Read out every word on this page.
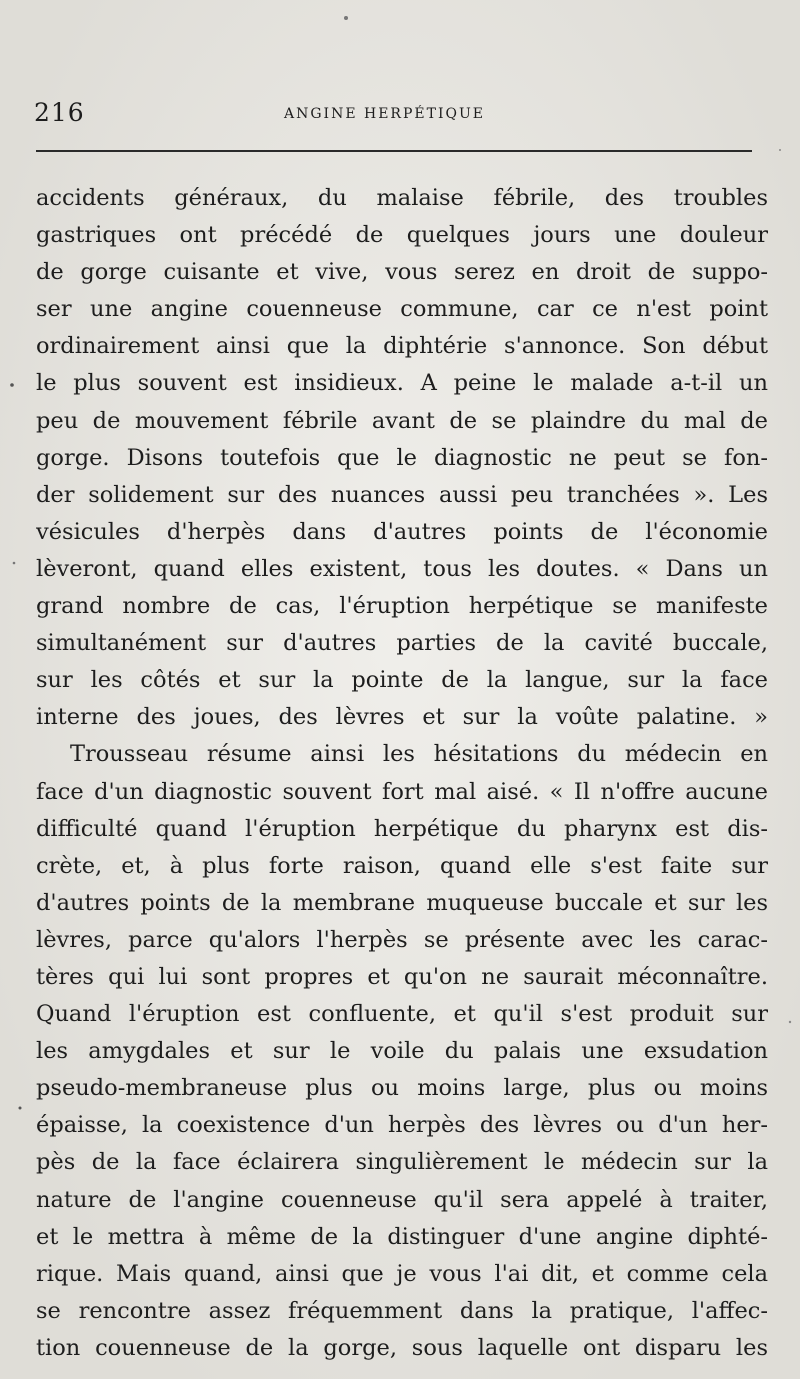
216	ANGINE HERPÉTIQUE
accidents généraux, du malaise fébrile, des troubles
gastriques ont précédé de quelques jours une douleur
de gorge cuisante et vive, vous serez en droit de suppo-
ser une angine couenneuse commune, car ce n'est point
ordinairement ainsi que la diphtérie s'annonce. Son début
le plus souvent est insidieux. A peine le malade a-t-il un
peu de mouvement fébrile avant de se plaindre du mal de
gorge. Disons toutefois que le diagnostic ne peut se fon-
der solidement sur des nuances aussi peu tranchées ». Les
vésicules d'herpès dans d'autres points de l'économie
lèveront, quand elles existent, tous les doutes. « Dans un
grand nombre de cas, l'éruption herpétique se manifeste
simultanément sur d'autres parties de la cavité buccale,
sur les côtés et sur la pointe de la langue, sur la face
interne des joues, des lèvres et sur la voûte palatine. »
Trousseau résume ainsi les hésitations du médecin en
face d'un diagnostic souvent fort mal aisé. « Il n'offre aucune
difficulté quand l'éruption herpétique du pharynx est dis-
crète, et, à plus forte raison, quand elle s'est faite sur
d'autres points de la membrane muqueuse buccale et sur les
lèvres, parce qu'alors l'herpès se présente avec les carac-
tères qui lui sont propres et qu'on ne saurait méconnaître.
Quand l'éruption est confluente, et qu'il s'est produit sur
les amygdales et sur le voile du palais une exsudation
pseudo-membraneuse plus ou moins large, plus ou moins
épaisse, la coexistence d'un herpès des lèvres ou d'un her-
pès de la face éclairera singulièrement le médecin sur la
nature de l'angine couenneuse qu'il sera appelé à traiter,
et le mettra à même de la distinguer d'une angine diphté-
rique. Mais quand, ainsi que je vous l'ai dit, et comme cela
se rencontre assez fréquemment dans la pratique, l'affec-
tion couenneuse de la gorge, sous laquelle ont disparu les
